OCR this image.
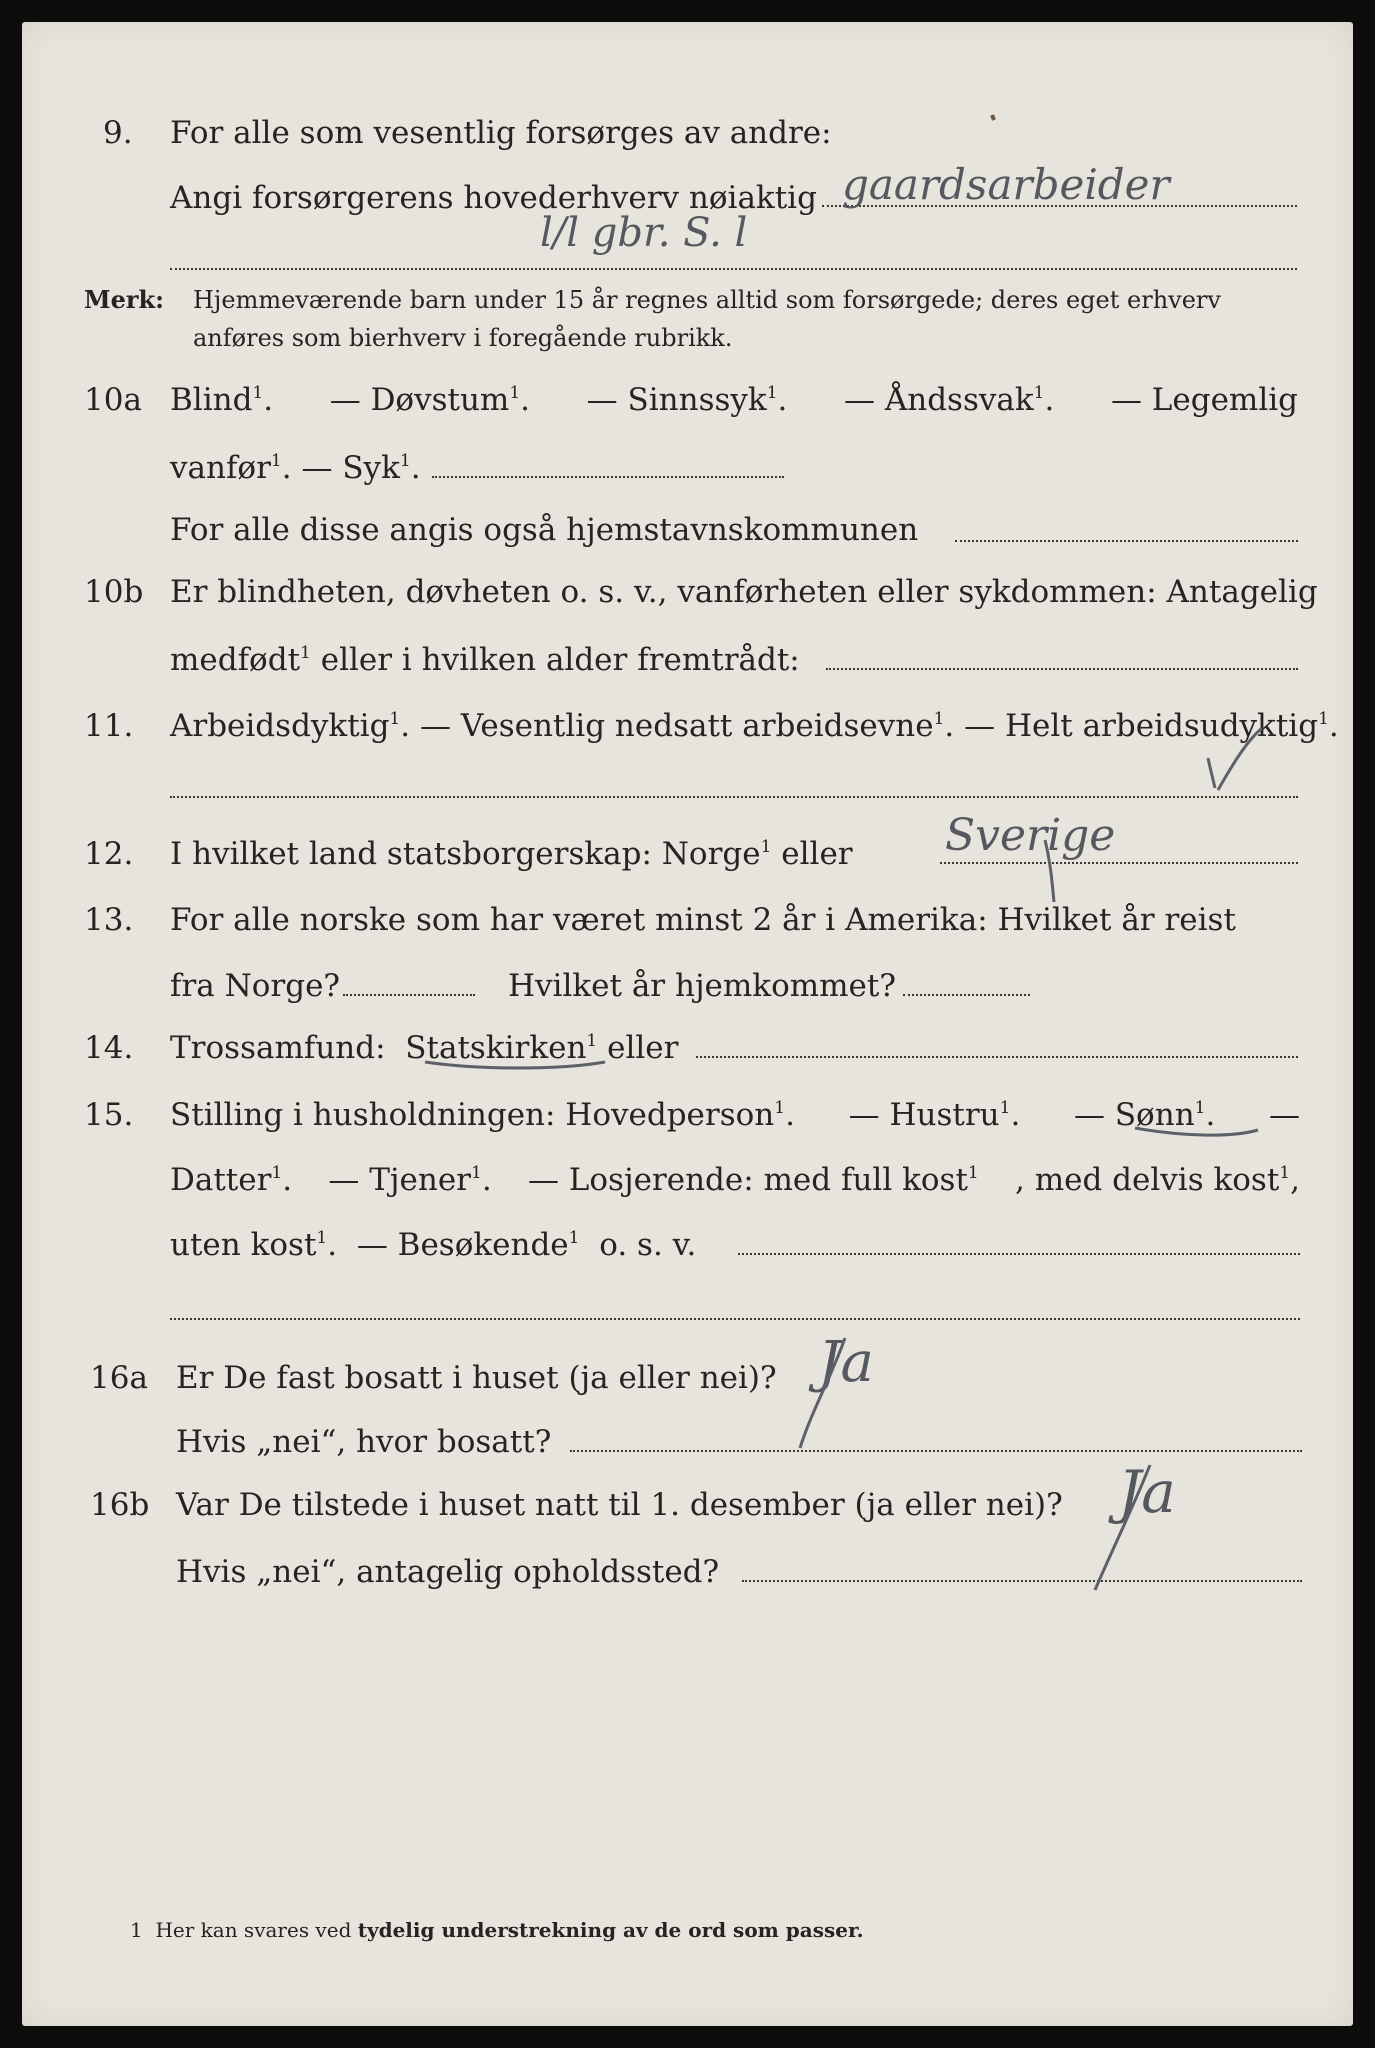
9. For alle som vesentlig forsørges av andre:
Angi forsørgerens hovederhverv nøiaktig gaardsarbeider
l/l gbr. S. l
Merk: Hjemmeværende barn under 15 år regnes alltid som forsørgede; deres eget erhverv
anføres som bierhverv i foregående rubrikk.
10a Blind$^1$. — Døvstum$^1$. — Sinnssyk$^1$. — Åndssvak$^1$. — Legemlig
vanfør$^1$. — Syk$^1$.
For alle disse angis også hjemstavnskommunen
10b Er blindheten, døvheten o. s. v., vanførheten eller sykdommen: Antagelig
medfødt$^1$ eller i hvilken alder fremtrådt:
11. Arbeidsdyktig$^1$. — Vesentlig nedsatt arbeidsevne$^1$. — Helt arbeidsudyktig$^1$.
12. I hvilket land statsborgerskap: Norge$^1$ eller Sverige
13. For alle norske som har været minst 2 år i Amerika: Hvilket år reist
fra Norge?	Hvilket år hjemkommet?
14. Trossamfund: Statskirken$^1$ eller
15. Stilling i husholdningen: Hovedperson$^1$. — Hustru$^1$. — Sønn$^1$. —
Datter$^1$. — Tjener$^1$. — Losjerende: med full kost$^1$ , med delvis kost$^1$,
uten kost$^1$. — Besøkende$^1$ o. s. v.
16a Er De fast bosatt i huset (ja eller nei)? Ja
Hvis „nei“, hvor bosatt?
16b Var De tilstede i huset natt til 1. desember (ja eller nei)? Ja
Hvis „nei“, antagelig opholdssted?
1 Her kan svares ved tydelig understrekning av de ord som passer.
